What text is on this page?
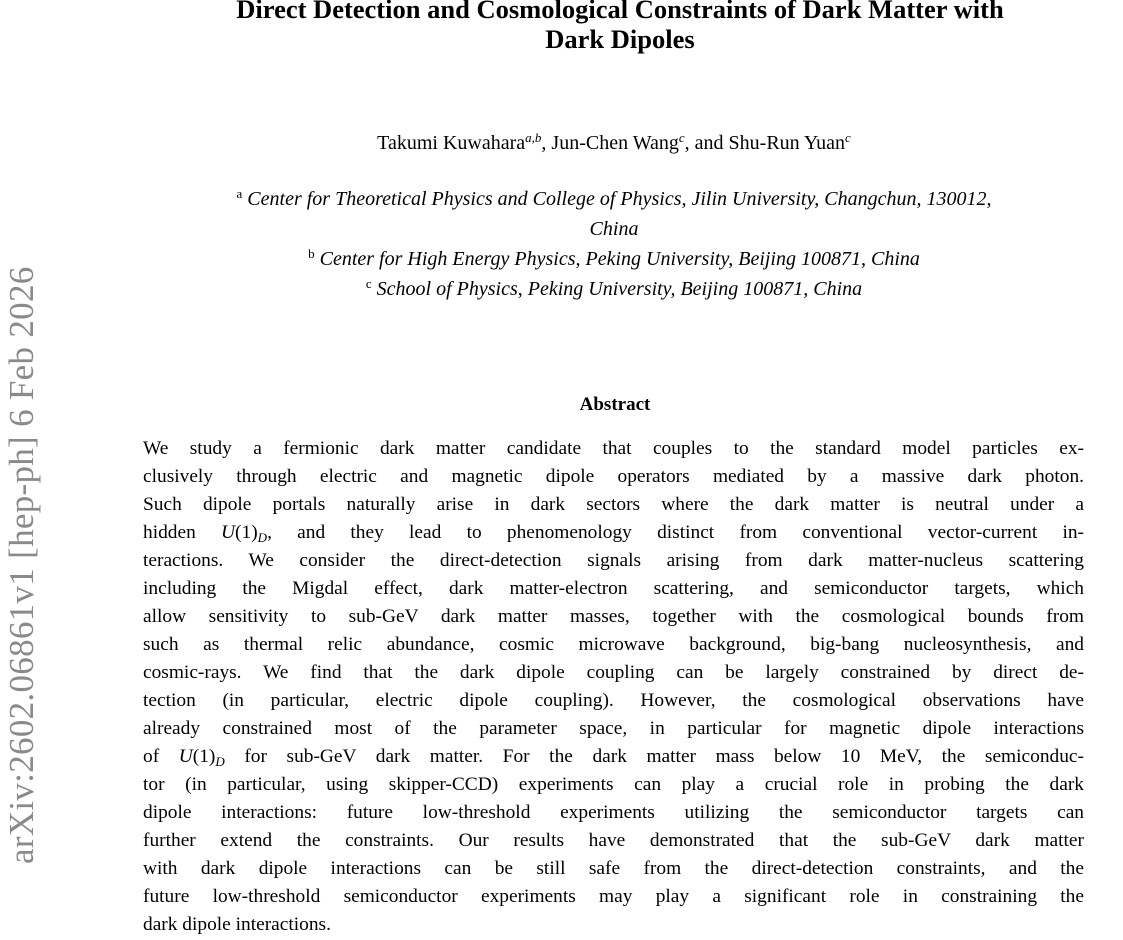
arXiv:2602.06861v1 [hep-ph] 6 Feb 2026
Direct Detection and Cosmological Constraints of Dark Matter with
Dark Dipoles
Takumi Kuwahara$^{a,b}$, Jun-Chen Wang$^c$, and Shu-Run Yuan$^c$
$^a$ Center for Theoretical Physics and College of Physics, Jilin University, Changchun, 130012,
China
$^b$ Center for High Energy Physics, Peking University, Beijing 100871, China
$^c$ School of Physics, Peking University, Beijing 100871, China
Abstract
We study a fermionic dark matter candidate that couples to the standard model particles ex-
clusively through electric and magnetic dipole operators mediated by a massive dark photon.
Such dipole portals naturally arise in dark sectors where the dark matter is neutral under a
hidden $U(1)_D$, and they lead to phenomenology distinct from conventional vector-current in-
teractions. We consider the direct-detection signals arising from dark matter-nucleus scattering
including the Migdal effect, dark matter-electron scattering, and semiconductor targets, which
allow sensitivity to sub-GeV dark matter masses, together with the cosmological bounds from
such as thermal relic abundance, cosmic microwave background, big-bang nucleosynthesis, and
cosmic-rays. We find that the dark dipole coupling can be largely constrained by direct de-
tection (in particular, electric dipole coupling). However, the cosmological observations have
already constrained most of the parameter space, in particular for magnetic dipole interactions
of $U(1)_D$ for sub-GeV dark matter. For the dark matter mass below 10 MeV, the semiconduc-
tor (in particular, using skipper-CCD) experiments can play a crucial role in probing the dark
dipole interactions: future low-threshold experiments utilizing the semiconductor targets can
further extend the constraints. Our results have demonstrated that the sub-GeV dark matter
with dark dipole interactions can be still safe from the direct-detection constraints, and the
future low-threshold semiconductor experiments may play a significant role in constraining the
dark dipole interactions.
